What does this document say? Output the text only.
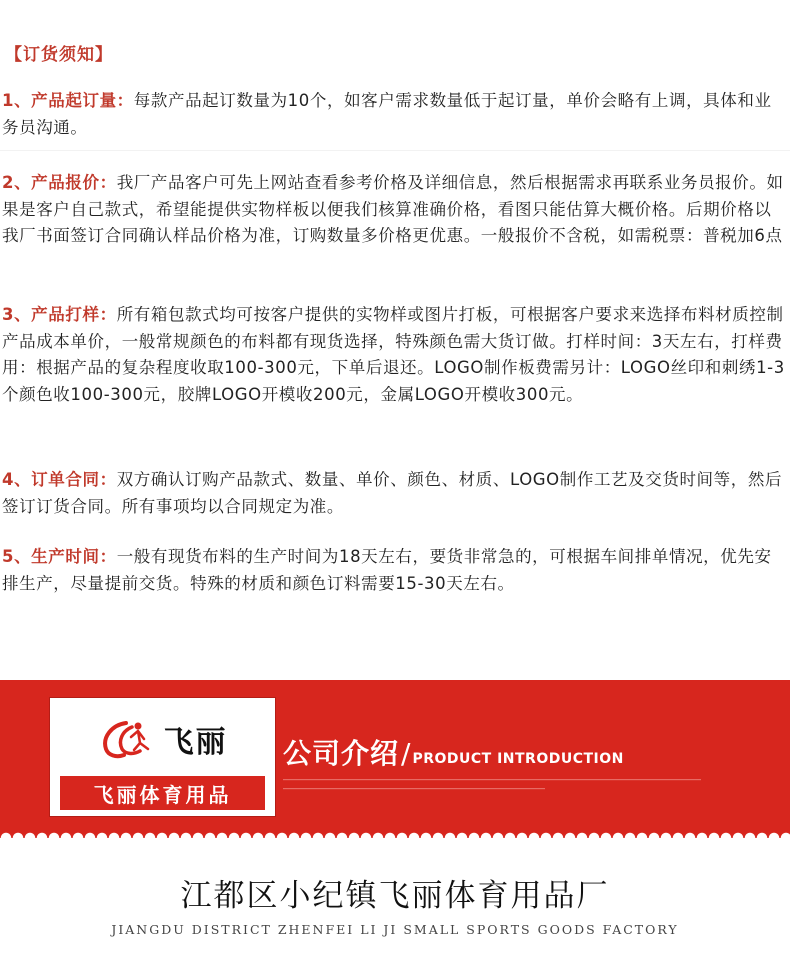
【订货须知】
1、产品起订量：每款产品起订数量为10个，如客户需求数量低于起订量，单价会略有上调，具体和业务员沟通。
2、产品报价：我厂产品客户可先上网站查看参考价格及详细信息，然后根据需求再联系业务员报价。如果是客户自己款式，希望能提供实物样板以便我们核算准确价格，看图只能估算大概价格。后期价格以我厂书面签订合同确认样品价格为准，订购数量多价格更优惠。一般报价不含税，如需税票：普税加6点
3、产品打样：所有箱包款式均可按客户提供的实物样或图片打板，可根据客户要求来选择布料材质控制产品成本单价，一般常规颜色的布料都有现货选择，特殊颜色需大货订做。打样时间：3天左右，打样费用：根据产品的复杂程度收取100-300元，下单后退还。LOGO制作板费需另计：LOGO丝印和刺绣1-3个颜色收100-300元，胶牌LOGO开模收200元，金属LOGO开模收300元。
4、订单合同：双方确认订购产品款式、数量、单价、颜色、材质、LOGO制作工艺及交货时间等，然后签订订货合同。所有事项均以合同规定为准。
5、生产时间：一般有现货布料的生产时间为18天左右，要货非常急的，可根据车间排单情况，优先安排生产，尽量提前交货。特殊的材质和颜色订料需要15-30天左右。
飞丽
飞丽体育用品
公司介绍 / PRODUCT INTRODUCTION
江都区小纪镇飞丽体育用品厂
JIANGDU DISTRICT ZHENFEI LI JI SMALL SPORTS GOODS FACTORY
